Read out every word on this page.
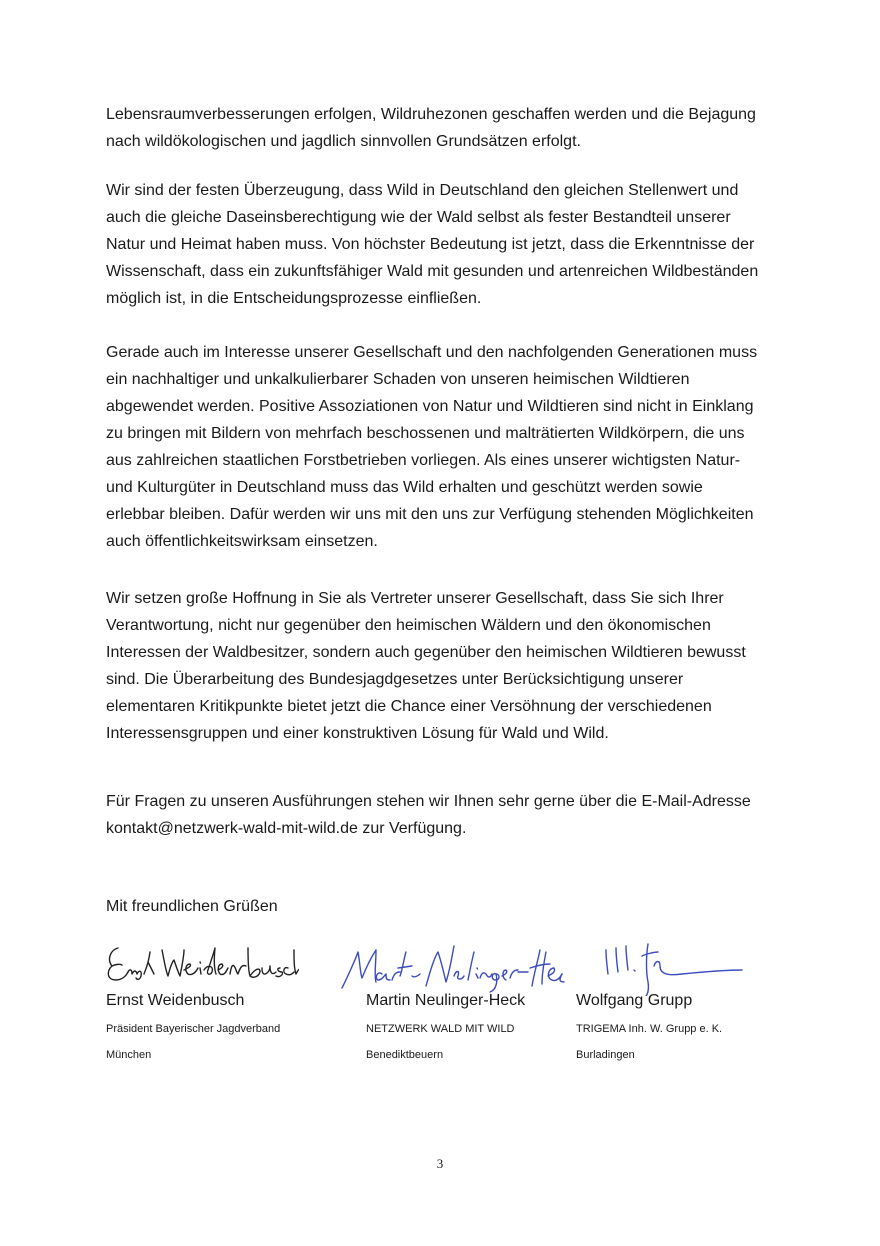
Lebensraumverbesserungen erfolgen, Wildruhezonen geschaffen werden und die Bejagung
nach wildökologischen und jagdlich sinnvollen Grundsätzen erfolgt.

Wir sind der festen Überzeugung, dass Wild in Deutschland den gleichen Stellenwert und
auch die gleiche Daseinsberechtigung wie der Wald selbst als fester Bestandteil unserer
Natur und Heimat haben muss. Von höchster Bedeutung ist jetzt, dass die Erkenntnisse der
Wissenschaft, dass ein zukunftsfähiger Wald mit gesunden und artenreichen Wildbeständen
möglich ist, in die Entscheidungsprozesse einfließen.

Gerade auch im Interesse unserer Gesellschaft und den nachfolgenden Generationen muss
ein nachhaltiger und unkalkulierbarer Schaden von unseren heimischen Wildtieren
abgewendet werden. Positive Assoziationen von Natur und Wildtieren sind nicht in Einklang
zu bringen mit Bildern von mehrfach beschossenen und malträtierten Wildkörpern, die uns
aus zahlreichen staatlichen Forstbetrieben vorliegen. Als eines unserer wichtigsten Natur-
und Kulturgüter in Deutschland muss das Wild erhalten und geschützt werden sowie
erlebbar bleiben. Dafür werden wir uns mit den uns zur Verfügung stehenden Möglichkeiten
auch öffentlichkeitswirksam einsetzen.

Wir setzen große Hoffnung in Sie als Vertreter unserer Gesellschaft, dass Sie sich Ihrer
Verantwortung, nicht nur gegenüber den heimischen Wäldern und den ökonomischen
Interessen der Waldbesitzer, sondern auch gegenüber den heimischen Wildtieren bewusst
sind. Die Überarbeitung des Bundesjagdgesetzes unter Berücksichtigung unserer
elementaren Kritikpunkte bietet jetzt die Chance einer Versöhnung der verschiedenen
Interessensgruppen und einer konstruktiven Lösung für Wald und Wild.

Für Fragen zu unseren Ausführungen stehen wir Ihnen sehr gerne über die E-Mail-Adresse
kontakt@netzwerk-wald-mit-wild.de zur Verfügung.

Mit freundlichen Grüßen

Ernst Weidenbusch
Präsident Bayerischer Jagdverband
München
Martin Neulinger-Heck
NETZWERK WALD MIT WILD
Benediktbeuern
Wolfgang Grupp
TRIGEMA Inh. W. Grupp e. K.
Burladingen
3
